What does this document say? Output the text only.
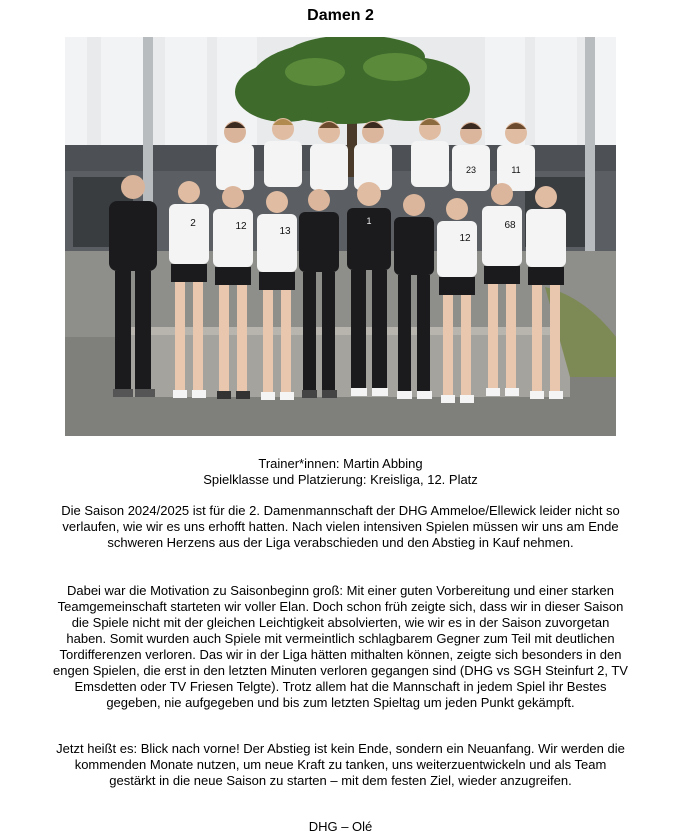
Damen 2
23	11
2	12	13
1
12
68
Trainer*innen: Martin Abbing
Spielklasse und Platzierung: Kreisliga, 12. Platz

Die Saison 2024/2025 ist für die 2. Damenmannschaft der DHG Ammeloe/Ellewick leider nicht so verlaufen, wie wir es uns erhofft hatten. Nach vielen intensiven Spielen müssen wir uns am Ende schweren Herzens aus der Liga verabschieden und den Abstieg in Kauf nehmen.

Dabei war die Motivation zu Saisonbeginn groß: Mit einer guten Vorbereitung und einer starken Teamgemeinschaft starteten wir voller Elan. Doch schon früh zeigte sich, dass wir in dieser Saison die Spiele nicht mit der gleichen Leichtigkeit absolvierten, wie wir es in der Saison zuvorgetan haben. Somit wurden auch Spiele mit vermeintlich schlagbarem Gegner zum Teil mit deutlichen Tordifferenzen verloren. Das wir in der Liga hätten mithalten können, zeigte sich besonders in den engen Spielen, die erst in den letzten Minuten verloren gegangen sind (DHG vs SGH Steinfurt 2, TV Emsdetten oder TV Friesen Telgte). Trotz allem hat die Mannschaft in jedem Spiel ihr Bestes gegeben, nie aufgegeben und bis zum letzten Spieltag um jeden Punkt gekämpft.

Jetzt heißt es: Blick nach vorne! Der Abstieg ist kein Ende, sondern ein Neuanfang. Wir werden die kommenden Monate nutzen, um neue Kraft zu tanken, uns weiterzuentwickeln und als Team gestärkt in die neue Saison zu starten – mit dem festen Ziel, wieder anzugreifen.

DHG – Olé
